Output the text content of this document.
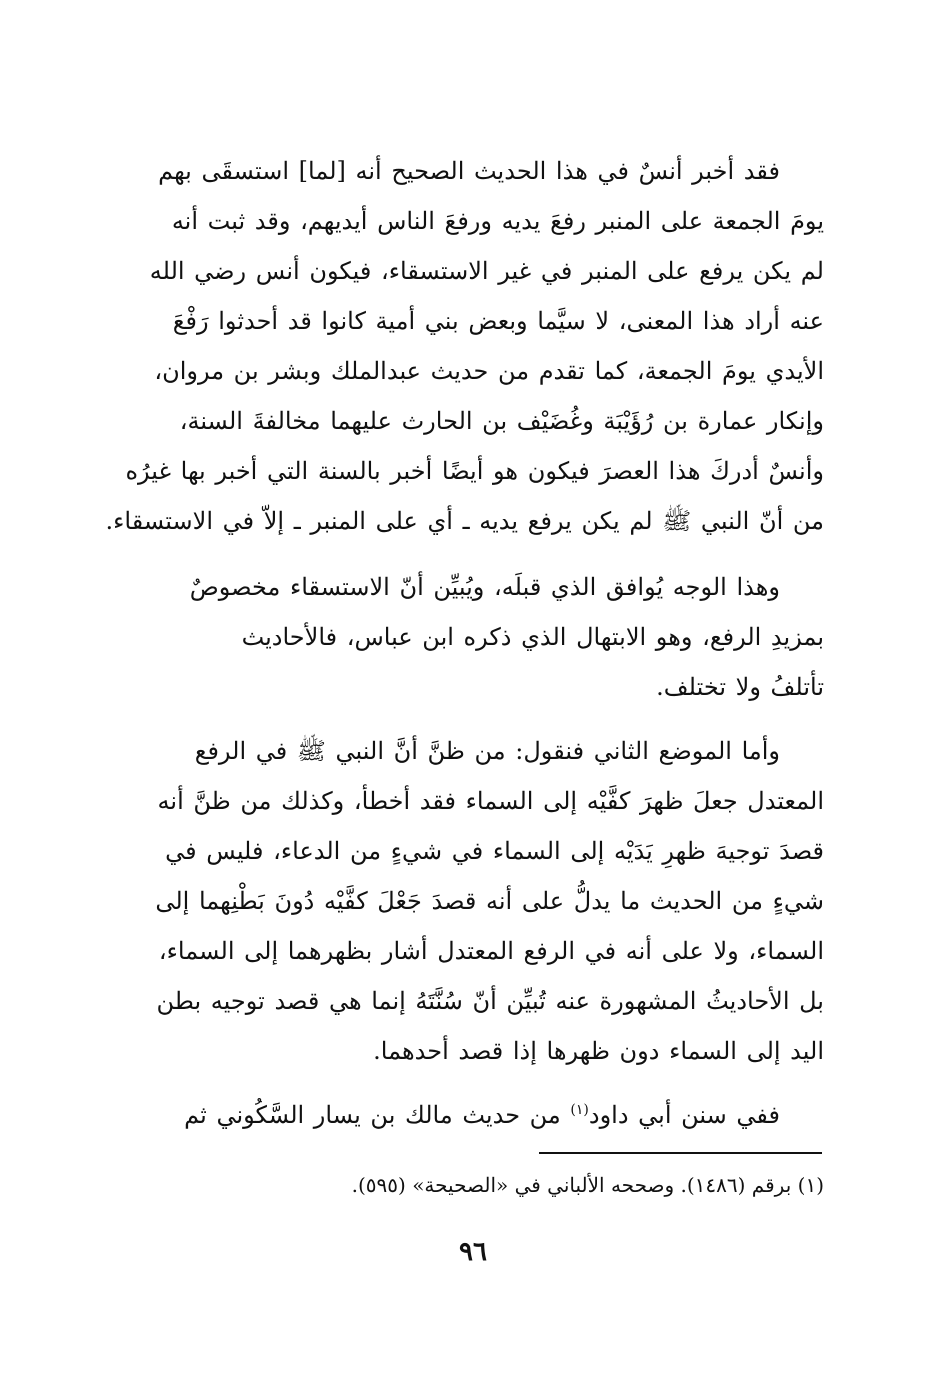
فقد أخبر أنسٌ في هذا الحديث الصحيح أنه [لما] استسقَى بهم
يومَ الجمعة على المنبر رفعَ يديه ورفعَ الناس أيديهم، وقد ثبت أنه
لم يكن يرفع على المنبر في غير الاستسقاء، فيكون أنس رضي الله
عنه أراد هذا المعنى، لا سيَّما وبعض بني أمية كانوا قد أحدثوا رَفْعَ
الأيدي يومَ الجمعة، كما تقدم من حديث عبدالملك وبشر بن مروان،
وإنكار عمارة بن رُؤَيْبَة وغُضَيْف بن الحارث عليهما مخالفةَ السنة،
وأنسٌ أدركَ هذا العصرَ فيكون هو أيضًا أخبر بالسنة التي أخبر بها غيرُه
من أنّ النبي ﷺ لم يكن يرفع يديه ـ أي على المنبر ـ إلاّ في الاستسقاء.
وهذا الوجه يُوافق الذي قبلَه، ويُبيِّن أنّ الاستسقاء مخصوصٌ
بمزيدِ الرفع، وهو الابتهال الذي ذكره ابن عباس، فالأحاديث
تأتلفُ ولا تختلف.
وأما الموضع الثاني فنقول: من ظنَّ أنَّ النبي ﷺ في الرفع
المعتدل جعلَ ظهرَ كفَّيْه إلى السماء فقد أخطأ، وكذلك من ظنَّ أنه
قصدَ توجيهَ ظهرِ يَدَيْه إلى السماء في شيءٍ من الدعاء، فليس في
شيءٍ من الحديث ما يدلُّ على أنه قصدَ جَعْلَ كفَّيْه دُونَ بَطْنِهما إلى
السماء، ولا على أنه في الرفع المعتدل أشار بظهرهما إلى السماء،
بل الأحاديثُ المشهورة عنه تُبيِّن أنّ سُنَّتَهُ إنما هي قصد توجيه بطن
اليد إلى السماء دون ظهرها إذا قصد أحدهما.
ففي سنن أبي داود$^{(١)}$ من حديث مالك بن يسار السَّكُوني ثم
(١) برقم (١٤٨٦). وصححه الألباني في «الصحيحة» (٥٩٥).
٩٦
